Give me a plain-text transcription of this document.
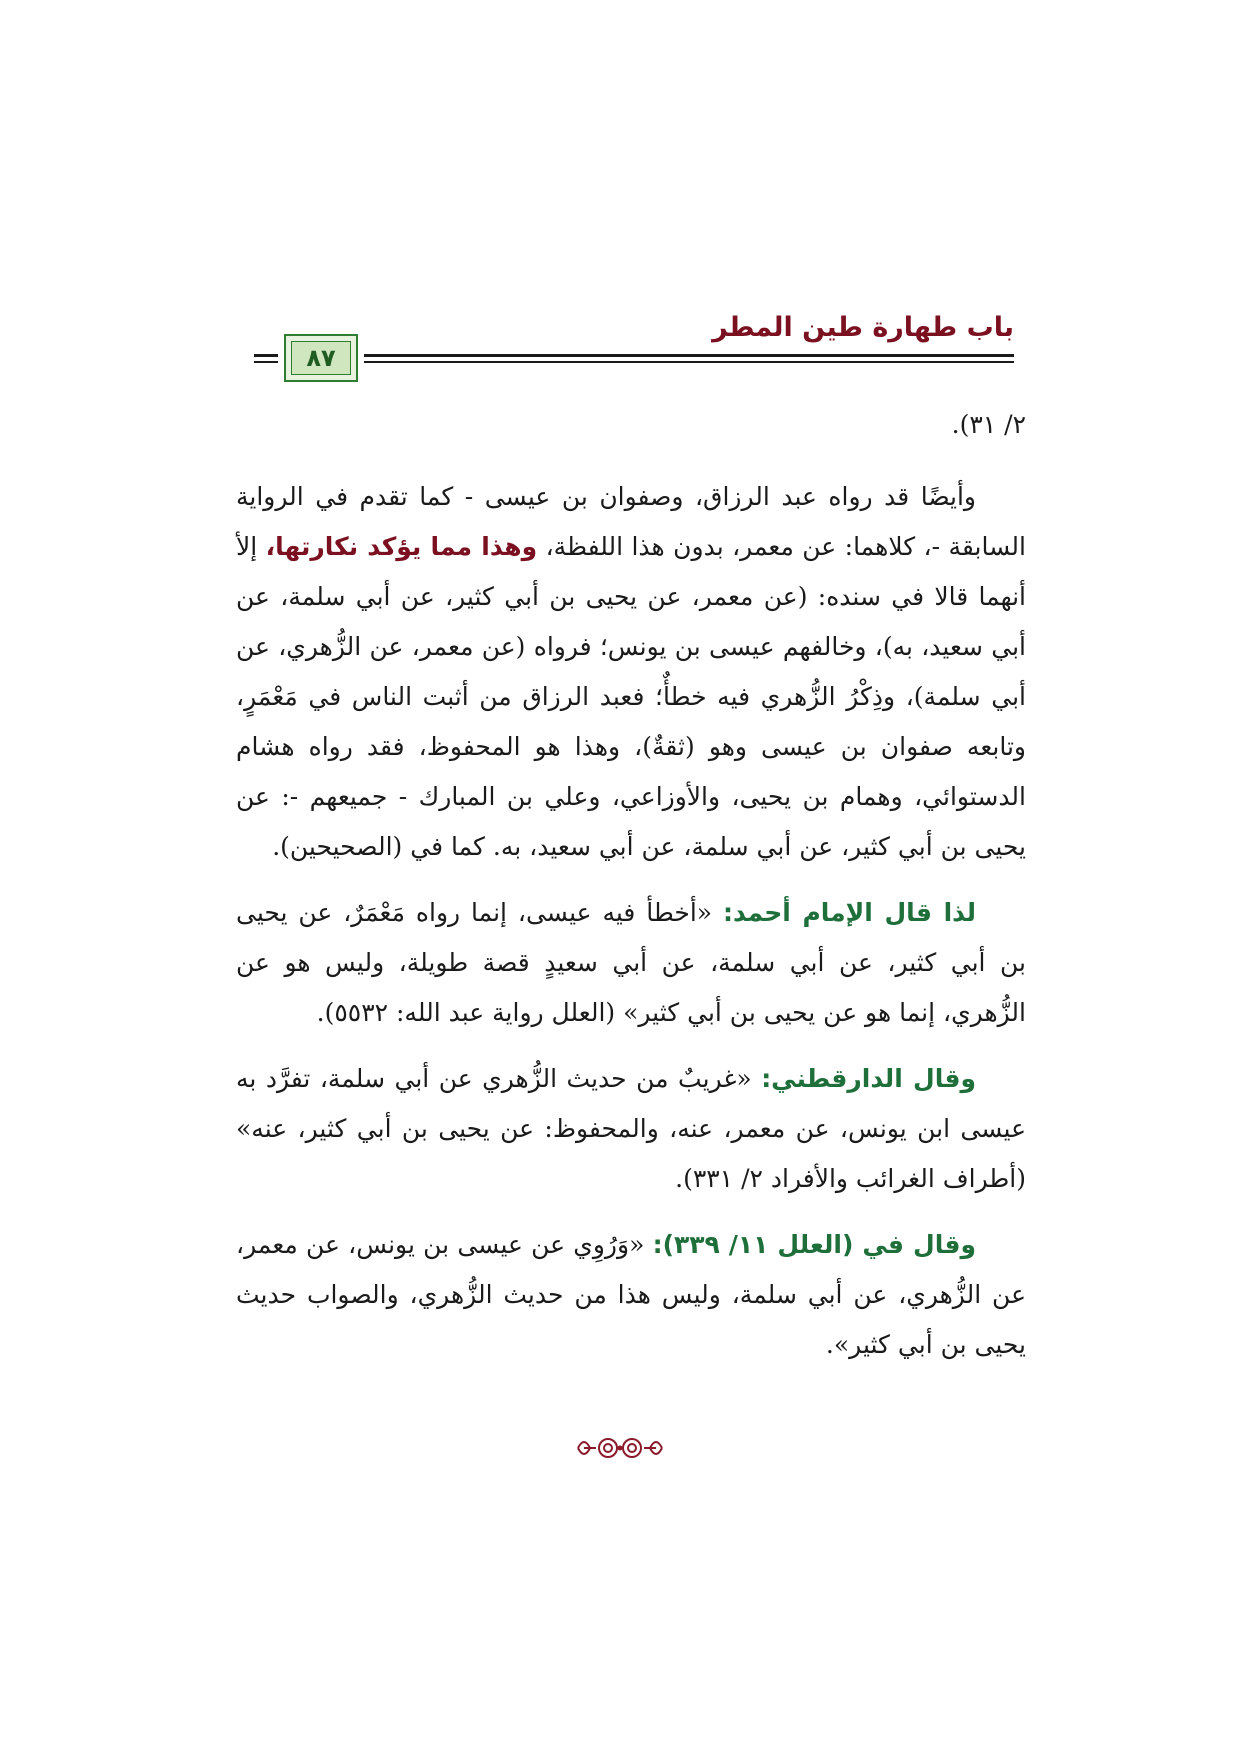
باب طهارة طين المطر
٨٧

٢/ ٣١).

وأيضًا قد رواه عبد الرزاق، وصفوان بن عيسى - كما تقدم في الرواية السابقة -، كلاهما: عن معمر، بدون هذا اللفظة، وهذا مما يؤكد نكارتها، إلأ أنهما قالا في سنده: (عن معمر، عن يحيى بن أبي كثير، عن أبي سلمة، عن أبي سعيد، به)، وخالفهم عيسى بن يونس؛ فرواه (عن معمر، عن الزُّهري، عن أبي سلمة)، وذِكْرُ الزُّهري فيه خطأٌ؛ فعبد الرزاق من أثبت الناس في مَعْمَرٍ، وتابعه صفوان بن عيسى وهو (ثقةٌ)، وهذا هو المحفوظ، فقد رواه هشام الدستوائي، وهمام بن يحيى، والأوزاعي، وعلي بن المبارك - جميعهم -: عن يحيى بن أبي كثير، عن أبي سلمة، عن أبي سعيد، به. كما في (الصحيحين).

لذا قال الإمام أحمد: «أخطأ فيه عيسى، إنما رواه مَعْمَرٌ، عن يحيى بن أبي كثير، عن أبي سلمة، عن أبي سعيدٍ قصة طويلة، وليس هو عن الزُّهري، إنما هو عن يحيى بن أبي كثير» (العلل رواية عبد الله: ٥٥٣٢).

وقال الدارقطني: «غريبٌ من حديث الزُّهري عن أبي سلمة، تفرَّد به عيسى ابن يونس، عن معمر، عنه، والمحفوظ: عن يحيى بن أبي كثير، عنه» (أطراف الغرائب والأفراد ٢/ ٣٣١).

وقال في (العلل ١١/ ٣٣٩): «وَرُوِي عن عيسى بن يونس، عن معمر، عن الزُّهري، عن أبي سلمة، وليس هذا من حديث الزُّهري، والصواب حديث يحيى بن أبي كثير».
